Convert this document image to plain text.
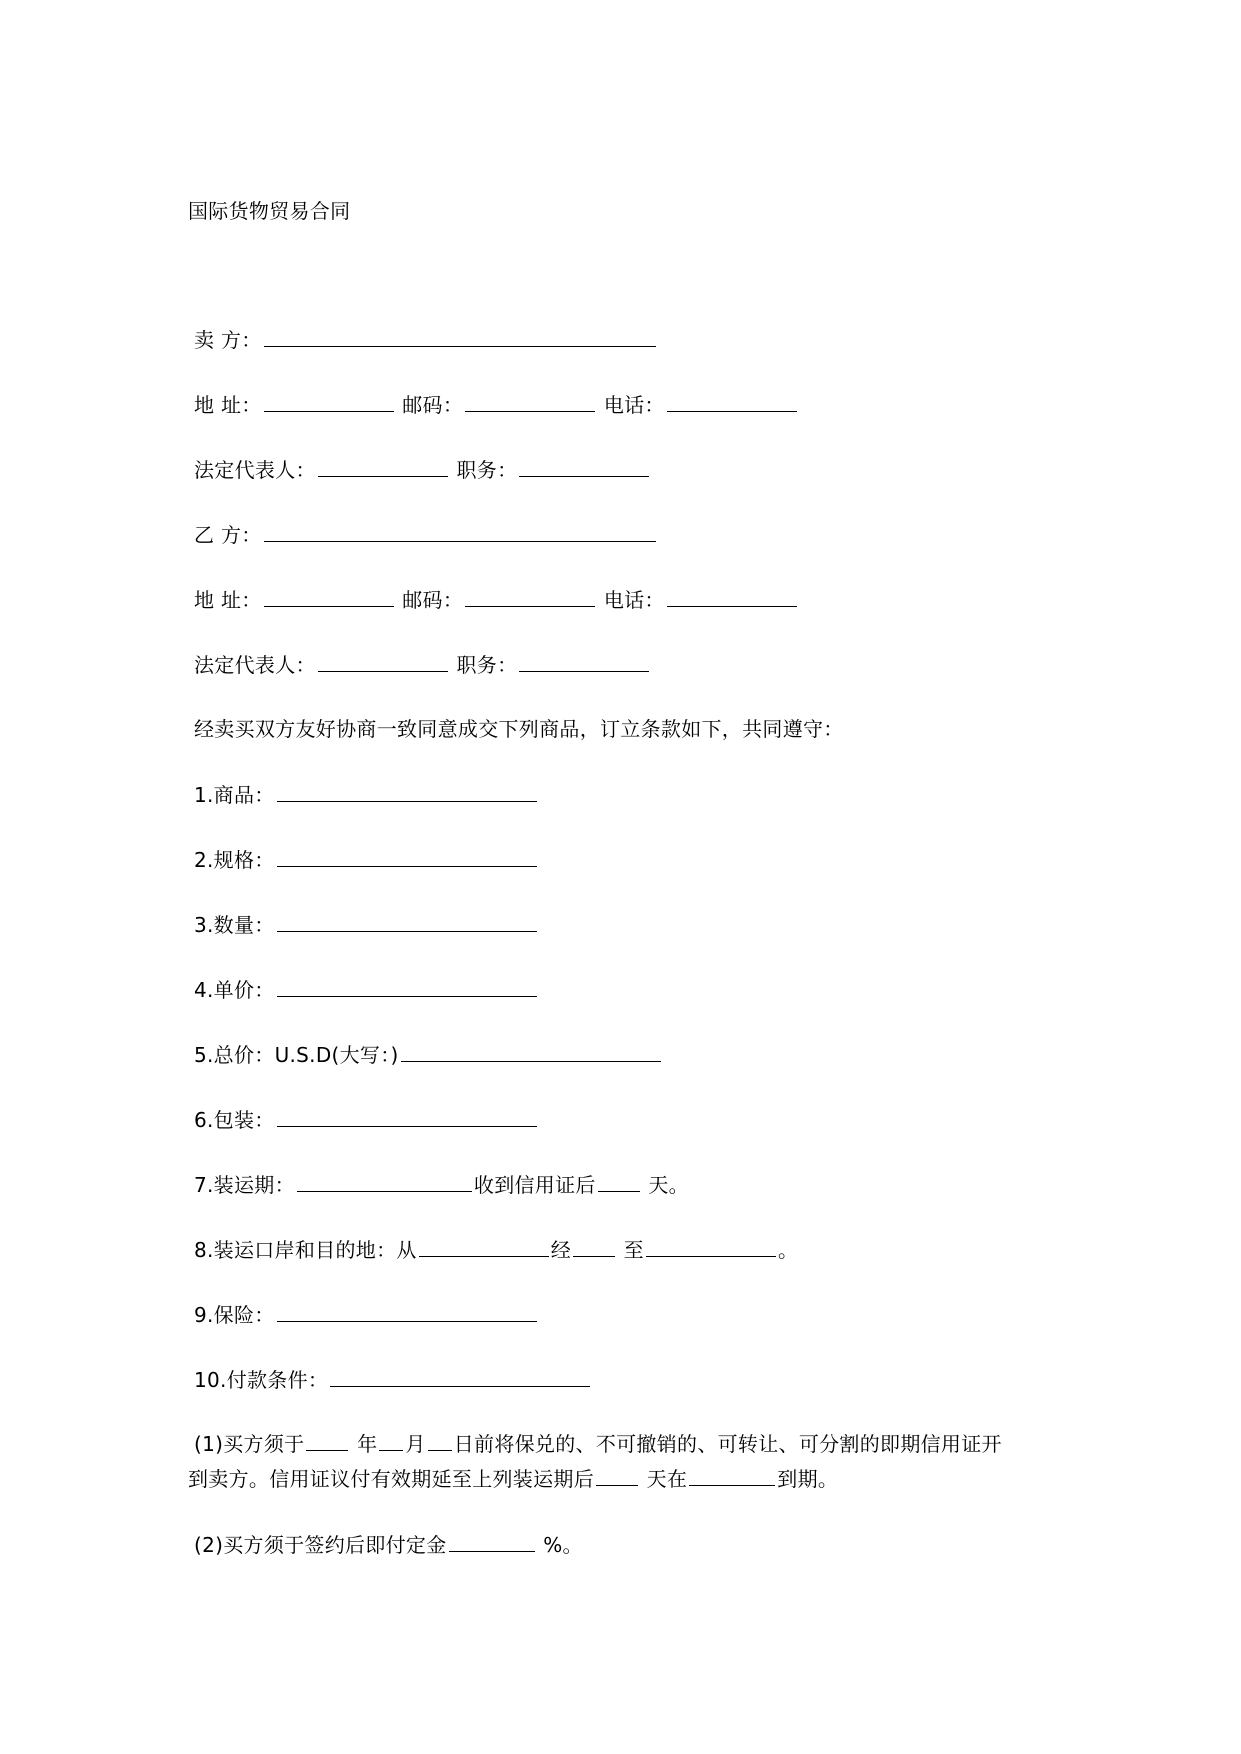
国际货物贸易合同
卖 方：
地 址：	邮码：	电话：
法定代表人：	职务：
乙 方：
地 址：	邮码：	电话：
法定代表人：	职务：
经卖买双方友好协商一致同意成交下列商品，订立条款如下，共同遵守：
1.商品：
2.规格：
3.数量：
4.单价：
5.总价：U.S.D(大写：)
6.包装：
7.装运期：	收到信用证后	天。
8.装运口岸和目的地：从	经	至	。
9.保险：
10.付款条件：
(1)买方须于	年 月 日前将保兑的、不可撤销的、可转让、可分割的即期信用证开
到卖方。信用证议付有效期延至上列装运期后	天在	到期。
(2)买方须于签约后即付定金	%。
